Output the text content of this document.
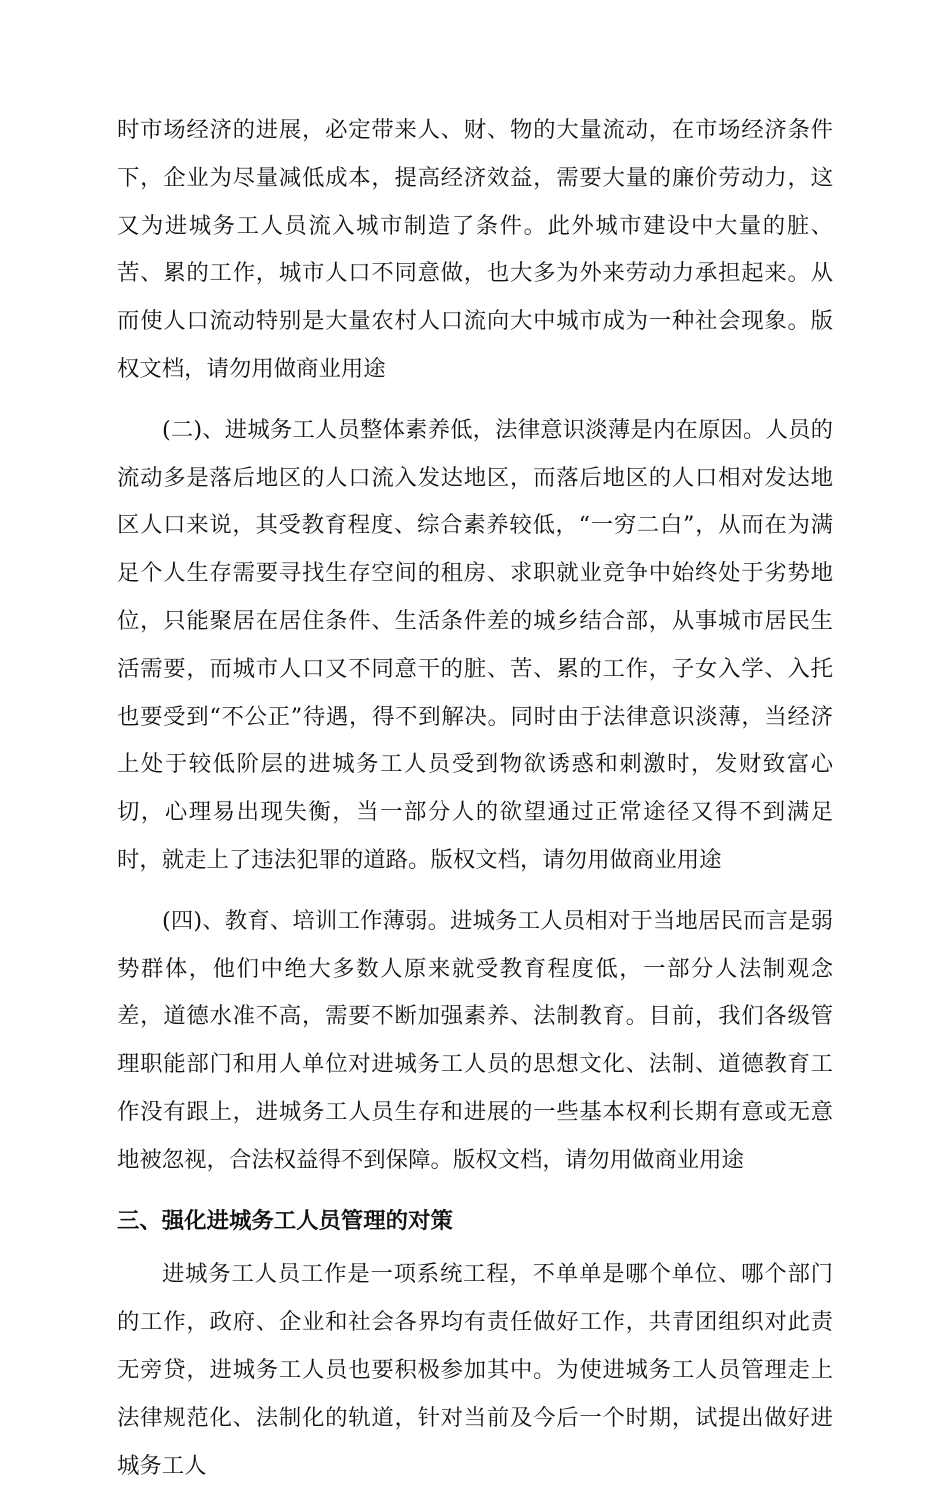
时市场经济的进展，必定带来人、财、物的大量流动，在市场经济条件下，企业为尽量减低成本，提高经济效益，需要大量的廉价劳动力，这又为进城务工人员流入城市制造了条件。此外城市建设中大量的脏、苦、累的工作，城市人口不同意做，也大多为外来劳动力承担起来。从而使人口流动特别是大量农村人口流向大中城市成为一种社会现象。版权文档，请勿用做商业用途

(二)、进城务工人员整体素养低，法律意识淡薄是内在原因。人员的流动多是落后地区的人口流入发达地区，而落后地区的人口相对发达地区人口来说，其受教育程度、综合素养较低，“一穷二白”，从而在为满足个人生存需要寻找生存空间的租房、求职就业竞争中始终处于劣势地位，只能聚居在居住条件、生活条件差的城乡结合部，从事城市居民生活需要，而城市人口又不同意干的脏、苦、累的工作，子女入学、入托也要受到“不公正”待遇，得不到解决。同时由于法律意识淡薄，当经济上处于较低阶层的进城务工人员受到物欲诱惑和刺激时，发财致富心切，心理易出现失衡，当一部分人的欲望通过正常途径又得不到满足时，就走上了违法犯罪的道路。版权文档，请勿用做商业用途

(四)、教育、培训工作薄弱。进城务工人员相对于当地居民而言是弱势群体，他们中绝大多数人原来就受教育程度低，一部分人法制观念差，道德水准不高，需要不断加强素养、法制教育。目前，我们各级管理职能部门和用人单位对进城务工人员的思想文化、法制、道德教育工作没有跟上，进城务工人员生存和进展的一些基本权利长期有意或无意地被忽视，合法权益得不到保障。版权文档，请勿用做商业用途

三、强化进城务工人员管理的对策

进城务工人员工作是一项系统工程，不单单是哪个单位、哪个部门的工作，政府、企业和社会各界均有责任做好工作，共青团组织对此责无旁贷，进城务工人员也要积极参加其中。为使进城务工人员管理走上法律规范化、法制化的轨道，针对当前及今后一个时期，试提出做好进城务工人
